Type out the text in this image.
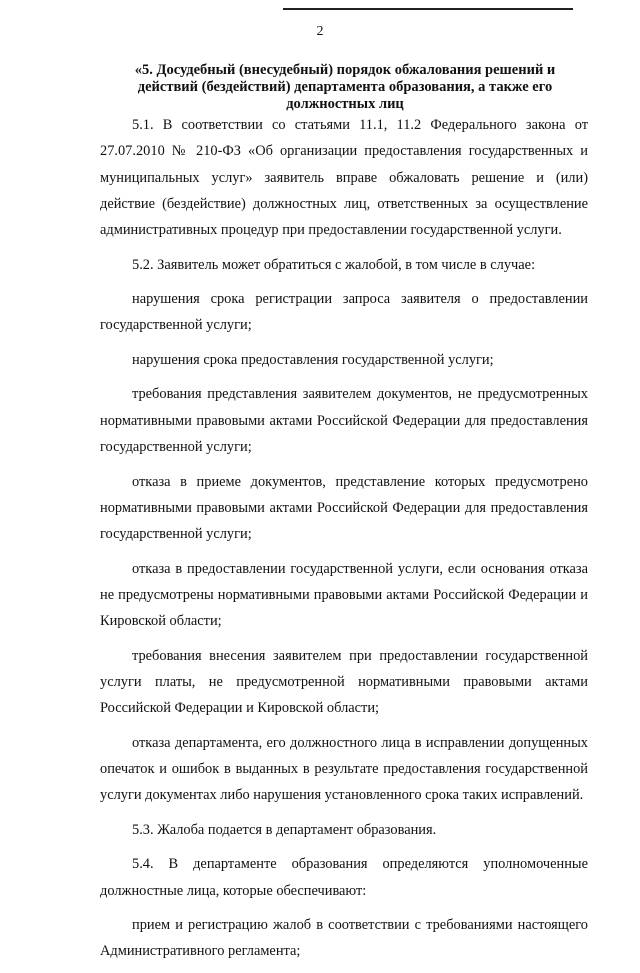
2
«5. Досудебный (внесудебный) порядок обжалования решений и действий (бездействий) департамента образования, а также его должностных лиц

5.1. В соответствии со статьями 11.1, 11.2 Федерального закона от 27.07.2010 № 210-ФЗ «Об организации предоставления государственных и муниципальных услуг» заявитель вправе обжаловать решение и (или) действие (бездействие) должностных лиц, ответственных за осуществление административных процедур при предоставлении государственной услуги.

5.2. Заявитель может обратиться с жалобой, в том числе в случае:

нарушения срока регистрации запроса заявителя о предоставлении государственной услуги;

нарушения срока предоставления государственной услуги;

требования представления заявителем документов, не предусмотренных нормативными правовыми актами Российской Федерации для предоставления государственной услуги;

отказа в приеме документов, представление которых предусмотрено нормативными правовыми актами Российской Федерации для предоставления государственной услуги;

отказа в предоставлении государственной услуги, если основания отказа не предусмотрены нормативными правовыми актами Российской Федерации и Кировской области;

требования внесения заявителем при предоставлении государственной услуги платы, не предусмотренной нормативными правовыми актами Российской Федерации и Кировской области;

отказа департамента, его должностного лица в исправлении допущенных опечаток и ошибок в выданных в результате предоставления государственной услуги документах либо нарушения установленного срока таких исправлений.

5.3. Жалоба подается в департамент образования.

5.4. В департаменте образования определяются уполномоченные должностные лица, которые обеспечивают:

прием и регистрацию жалоб в соответствии с требованиями настоящего Административного регламента;
